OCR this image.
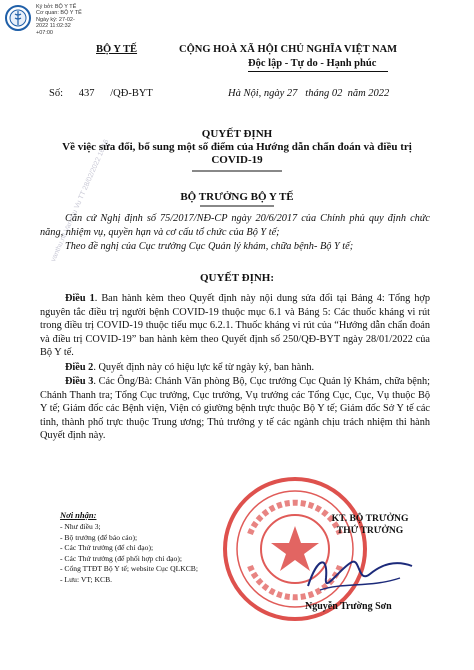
Ký bởi: BỘ Y TẾ
Cơ quan: BỘ Y TẾ
Ngày ký: 27-02-
2022 11:02:32
+07:00
vanthu.ntl.Van thu Vu TT 28/02/2022 16:16
BỘ Y TẾ	CỘNG HOÀ XÃ HỘI CHỦ NGHĨA VIỆT NAM
Độc lập - Tự do - Hạnh phúc
Số: 437 /QĐ-BYT	Hà Nội, ngày 27   tháng 02  năm 2022
QUYẾT ĐỊNH
Về việc sửa đổi, bổ sung một số điểm của Hướng dẫn chẩn đoán và điều trị
COVID-19
BỘ TRƯỞNG BỘ Y TẾ
Căn cứ Nghị định số 75/2017/NĐ-CP ngày 20/6/2017 của Chính phủ quy định chức năng, nhiệm vụ, quyền hạn và cơ cấu tổ chức của Bộ Y tế;
Theo đề nghị của Cục trưởng Cục Quản lý khám, chữa bệnh- Bộ Y tế;
QUYẾT ĐỊNH:
Điều 1. Ban hành kèm theo Quyết định này nội dung sửa đổi tại Bảng 4: Tổng hợp nguyên tắc điều trị người bệnh COVID-19 thuộc mục 6.1 và Bảng 5: Các thuốc kháng vi rút trong điều trị COVID-19 thuộc tiểu mục 6.2.1. Thuốc kháng vi rút của “Hướng dẫn chẩn đoán và điều trị COVID-19” ban hành kèm theo Quyết định số 250/QĐ-BYT ngày 28/01/2022 của Bộ Y tế.
Điều 2. Quyết định này có hiệu lực kể từ ngày ký, ban hành.
Điều 3. Các Ông/Bà: Chánh Văn phòng Bộ, Cục trưởng Cục Quản lý Khám, chữa bệnh; Chánh Thanh tra; Tổng Cục trưởng, Cục trưởng, Vụ trưởng các Tổng Cục, Cục, Vụ thuộc Bộ Y tế; Giám đốc các Bệnh viện, Viện có giường bệnh trực thuộc Bộ Y tế; Giám đốc Sở Y tế các tỉnh, thành phố trực thuộc Trung ương; Thủ trưởng y tế các ngành chịu trách nhiệm thi hành Quyết định này.
Nơi nhận:
- Như điều 3;
- Bộ trưởng (để báo cáo);
- Các Thứ trưởng (để chỉ đạo);
- Các Thứ trưởng (để phối hợp chỉ đạo);
- Cổng TTĐT Bộ Y tế; website Cục QLKCB;
- Lưu: VT; KCB.
KT. BỘ TRƯỞNG
THỨ TRƯỞNG
Nguyễn Trường Sơn
